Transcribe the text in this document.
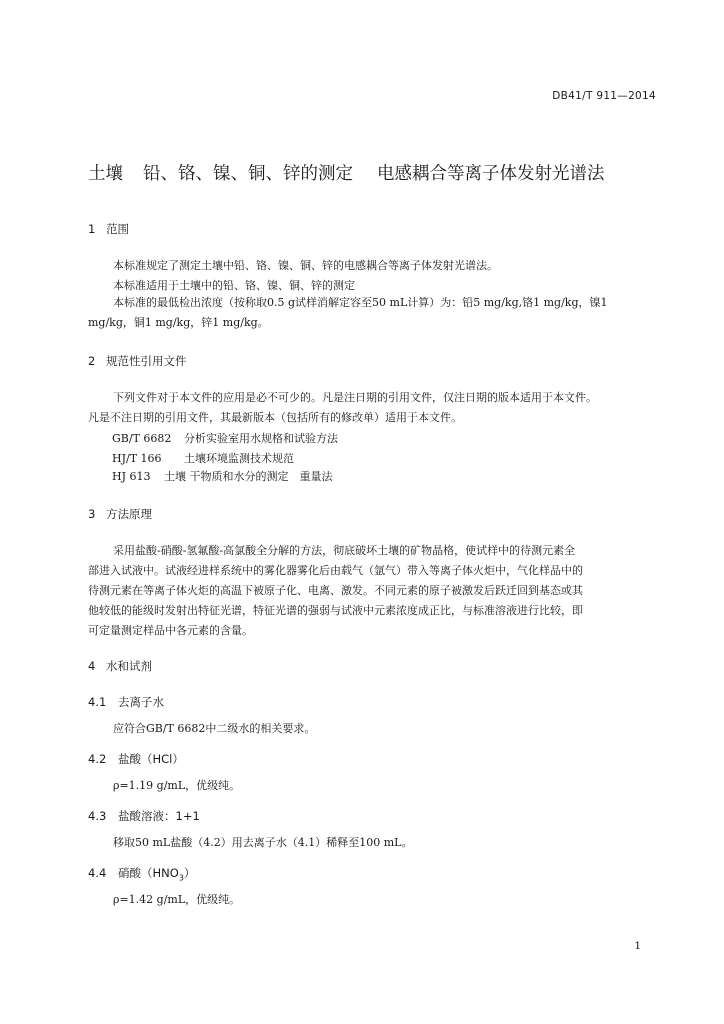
DB41/T 911—2014
土壤 铅、铬、镍、铜、锌的测定 电感耦合等离子体发射光谱法
1 范围
本标准规定了测定土壤中铅、铬、镍、铜、锌的电感耦合等离子体发射光谱法。
本标准适用于土壤中的铅、铬、镍、铜、锌的测定
本标准的最低检出浓度（按称取0.5 g试样消解定容至50 mL计算）为：铅5 mg/kg,铬1 mg/kg，镍1
mg/kg，铜1 mg/kg，锌1 mg/kg。
2 规范性引用文件
下列文件对于本文件的应用是必不可少的。凡是注日期的引用文件，仅注日期的版本适用于本文件。
凡是不注日期的引用文件，其最新版本（包括所有的修改单）适用于本文件。
GB/T 6682 分析实验室用水规格和试验方法
HJ/T 166 土壤环境监测技术规范
HJ 613 土壤 干物质和水分的测定　重量法
3 方法原理
采用盐酸-硝酸-氢氟酸-高氯酸全分解的方法，彻底破坏土壤的矿物晶格，使试样中的待测元素全
部进入试液中。试液经进样系统中的雾化器雾化后由载气（氩气）带入等离子体火炬中，气化样品中的
待测元素在等离子体火炬的高温下被原子化、电离、激发。不同元素的原子被激发后跃迁回到基态或其
他较低的能级时发射出特征光谱，特征光谱的强弱与试液中元素浓度成正比，与标准溶液进行比较，即
可定量测定样品中各元素的含量。
4 水和试剂
4.1 去离子水
应符合GB/T 6682中二级水的相关要求。
4.2 盐酸（HCl）
ρ=1.19 g/mL，优级纯。
4.3 盐酸溶液：1+1
移取50 mL盐酸（4.2）用去离子水（4.1）稀释至100 mL。
4.4 硝酸$(HNO_3)$
ρ=1.42 g/mL，优级纯。
1
